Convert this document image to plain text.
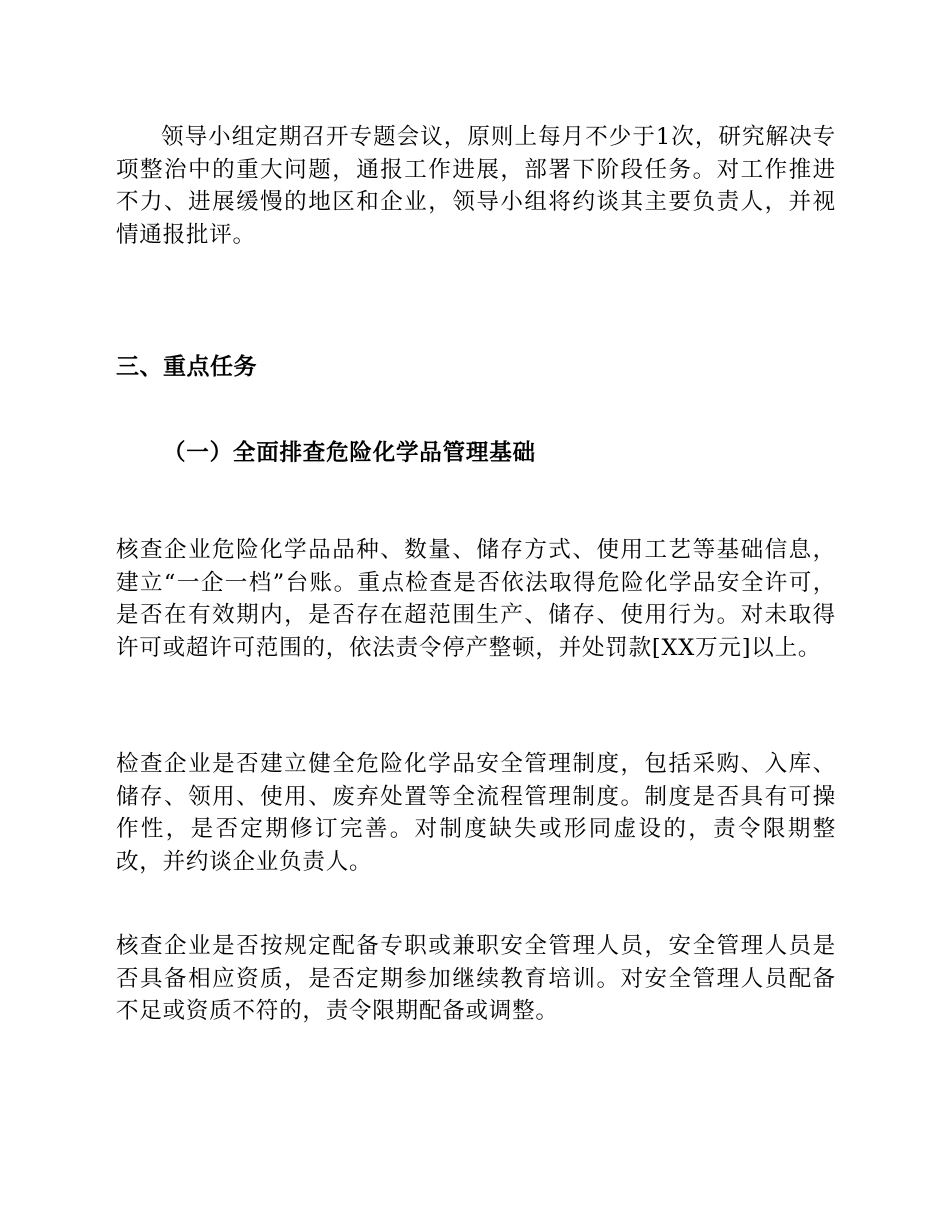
领导小组定期召开专题会议，原则上每月不少于1次，研究解决专项整治中的重大问题，通报工作进展，部署下阶段任务。对工作推进不力、进展缓慢的地区和企业，领导小组将约谈其主要负责人，并视情通报批评。

三、重点任务
（一）全面排查危险化学品管理基础

核查企业危险化学品品种、数量、储存方式、使用工艺等基础信息，建立“一企一档”台账。重点检查是否依法取得危险化学品安全许可，是否在有效期内，是否存在超范围生产、储存、使用行为。对未取得许可或超许可范围的，依法责令停产整顿，并处罚款[XX万元]以上。

检查企业是否建立健全危险化学品安全管理制度，包括采购、入库、储存、领用、使用、废弃处置等全流程管理制度。制度是否具有可操作性，是否定期修订完善。对制度缺失或形同虚设的，责令限期整改，并约谈企业负责人。

核查企业是否按规定配备专职或兼职安全管理人员，安全管理人员是否具备相应资质，是否定期参加继续教育培训。对安全管理人员配备不足或资质不符的，责令限期配备或调整。
